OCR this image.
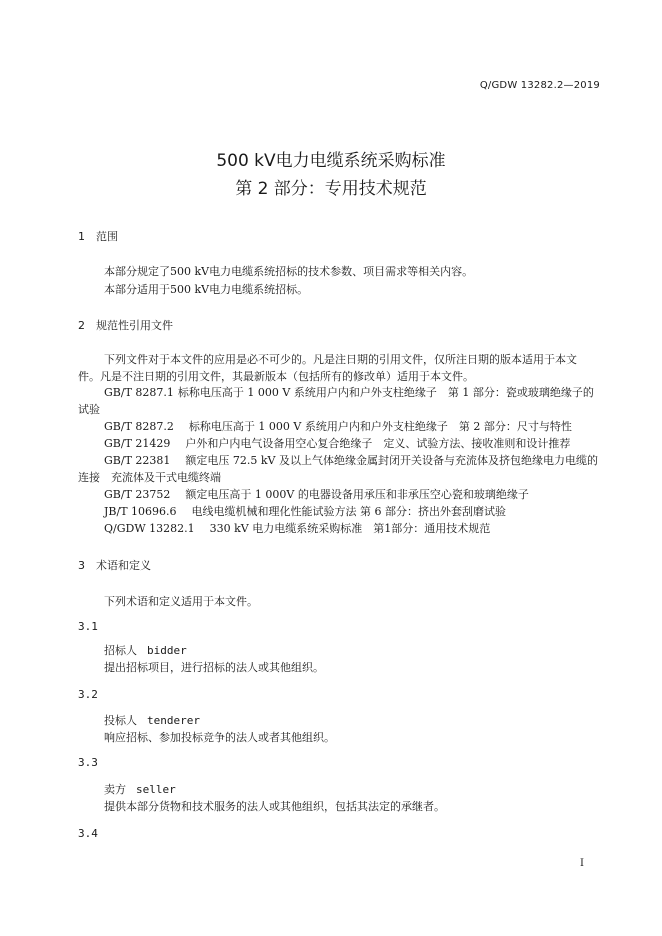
Q/GDW 13282.2—2019
500 kV电力电缆系统采购标准
第 2 部分：专用技术规范
1 范围
本部分规定了500 kV电力电缆系统招标的技术参数、项目需求等相关内容。
本部分适用于500 kV电力电缆系统招标。
2 规范性引用文件
下列文件对于本文件的应用是必不可少的。凡是注日期的引用文件，仅所注日期的版本适用于本文
件。凡是不注日期的引用文件，其最新版本（包括所有的修改单）适用于本文件。
GB/T 8287.1 标称电压高于 1 000 V 系统用户内和户外支柱绝缘子　第 1 部分：瓷或玻璃绝缘子的
试验
GB/T 8287.2　标称电压高于 1 000 V 系统用户内和户外支柱绝缘子　第 2 部分：尺寸与特性
GB/T 21429　户外和户内电气设备用空心复合绝缘子　定义、试验方法、接收准则和设计推荐
GB/T 22381　额定电压 72.5 kV 及以上气体绝缘金属封闭开关设备与充流体及挤包绝缘电力电缆的
连接　充流体及干式电缆终端
GB/T 23752　额定电压高于 1 000V 的电器设备用承压和非承压空心瓷和玻璃绝缘子
JB/T 10696.6　电线电缆机械和理化性能试验方法 第 6 部分：挤出外套刮磨试验
Q/GDW 13282.1　330 kV 电力电缆系统采购标准　第1部分：通用技术规范
3 术语和定义
下列术语和定义适用于本文件。
3.1
招标人 bidder
提出招标项目，进行招标的法人或其他组织。
3.2
投标人 tenderer
响应招标、参加投标竞争的法人或者其他组织。
3.3
卖方 seller
提供本部分货物和技术服务的法人或其他组织，包括其法定的承继者。
3.4
I
